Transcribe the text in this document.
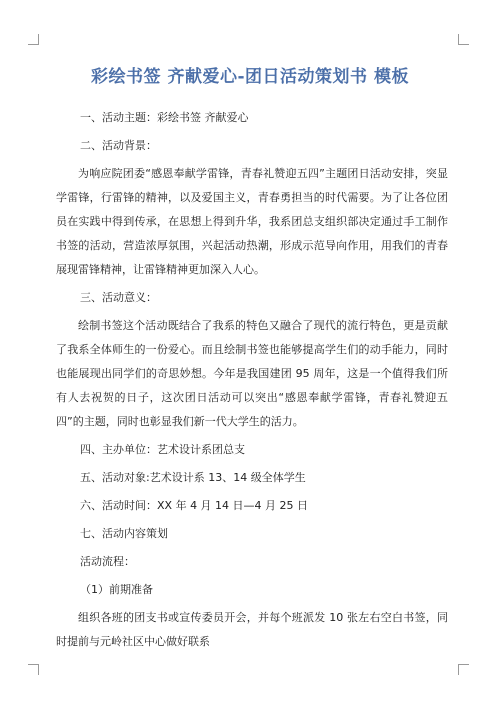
彩绘书签 齐献爱心-团日活动策划书 模板

一、活动主题：彩绘书签 齐献爱心

二、活动背景：

为响应院团委“感恩奉献学雷锋，青春礼赞迎五四”主题团日活动安排，突显学雷锋，行雷锋的精神，以及爱国主义，青春勇担当的时代需要。为了让各位团员在实践中得到传承，在思想上得到升华，我系团总支组织部决定通过手工制作书签的活动，营造浓厚氛围，兴起活动热潮，形成示范导向作用，用我们的青春展现雷锋精神，让雷锋精神更加深入人心。

三、活动意义：

绘制书签这个活动既结合了我系的特色又融合了现代的流行特色，更是贡献了我系全体师生的一份爱心。而且绘制书签也能够提高学生们的动手能力，同时也能展现出同学们的奇思妙想。今年是我国建团 95 周年，这是一个值得我们所有人去祝贺的日子，这次团日活动可以突出“感恩奉献学雷锋，青春礼赞迎五四”的主题，同时也彰显我们新一代大学生的活力。

四、主办单位：艺术设计系团总支

五、活动对象:艺术设计系 13、14 级全体学生

六、活动时间：XX 年 4 月 14 日—4 月 25 日

七、活动内容策划

活动流程：

（1）前期准备

组织各班的团支书或宣传委员开会，并每个班派发 10 张左右空白书签，同时提前与元岭社区中心做好联系
